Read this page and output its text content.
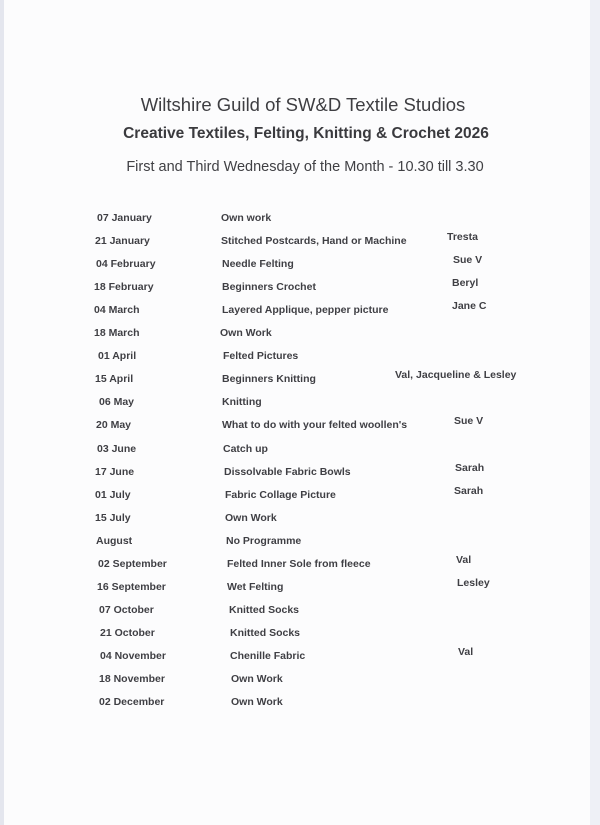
Wiltshire Guild of SW&D Textile Studios
Creative Textiles, Felting, Knitting & Crochet 2026
First and Third Wednesday of the Month - 10.30 till 3.30
07 January	Own work
21 January	Stitched Postcards, Hand or Machine	Tresta
04 February	Needle Felting	Sue V
18 February	Beginners Crochet	Beryl
04 March	Layered Applique, pepper picture	Jane C
18 March	Own Work
01 April	Felted Pictures
15 April	Beginners Knitting	Val, Jacqueline & Lesley
06 May	Knitting
20 May	What to do with your felted woollen's	Sue V
03 June	Catch up
17 June	Dissolvable Fabric Bowls	Sarah
01 July	Fabric Collage Picture	Sarah
15 July	Own Work
August	No Programme
02 September	Felted Inner Sole from fleece	Val
16 September	Wet Felting	Lesley
07 October	Knitted Socks
21 October	Knitted Socks
04 November	Chenille Fabric	Val
18 November	Own Work
02 December	Own Work
